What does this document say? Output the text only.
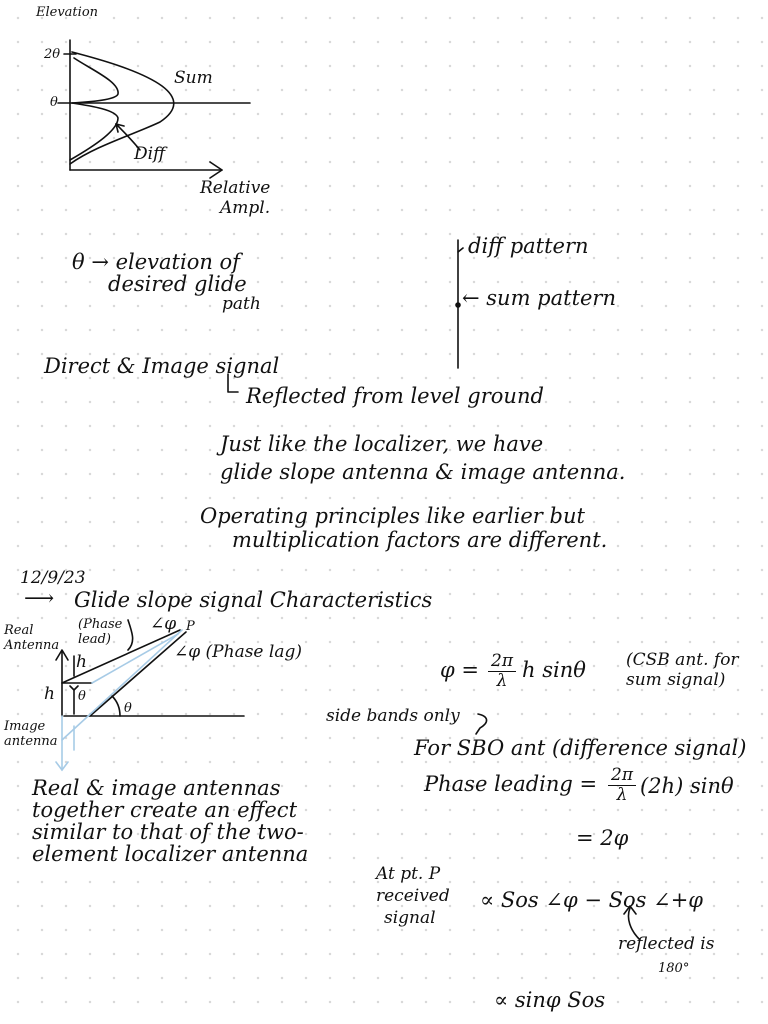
Elevation
2θ
θ
Sum
Diff
Relative
Ampl.
θ → elevation of
desired glide
path
diff pattern
← sum pattern
Direct & Image signal
Reflected from level ground
Just like the localizer, we have
glide slope antenna & image antenna.
Operating principles like earlier but
multiplication factors are different.
12/9/23
⟶ Glide slope signal Characteristics
Real Antenna
(Phase lead)
∠φ P
∠φ (Phase lag)
h
h θ
θ
Image antenna
$\varphi = \frac{2\pi}{\lambda}$ h sinθ (CSB ant. for sum signal)
side bands only
For SBO ant (difference signal)
Phase leading = $\frac{2\pi}{\lambda} (2h)$ sinθ
= 2φ
Real & image antennas
together create an effect
similar to that of the two-
element localizer antenna
At pt. P
received
signal
∝ Sos ∠φ − Sos ∠+φ
reflected is
180°
∝ sinφ Sos
